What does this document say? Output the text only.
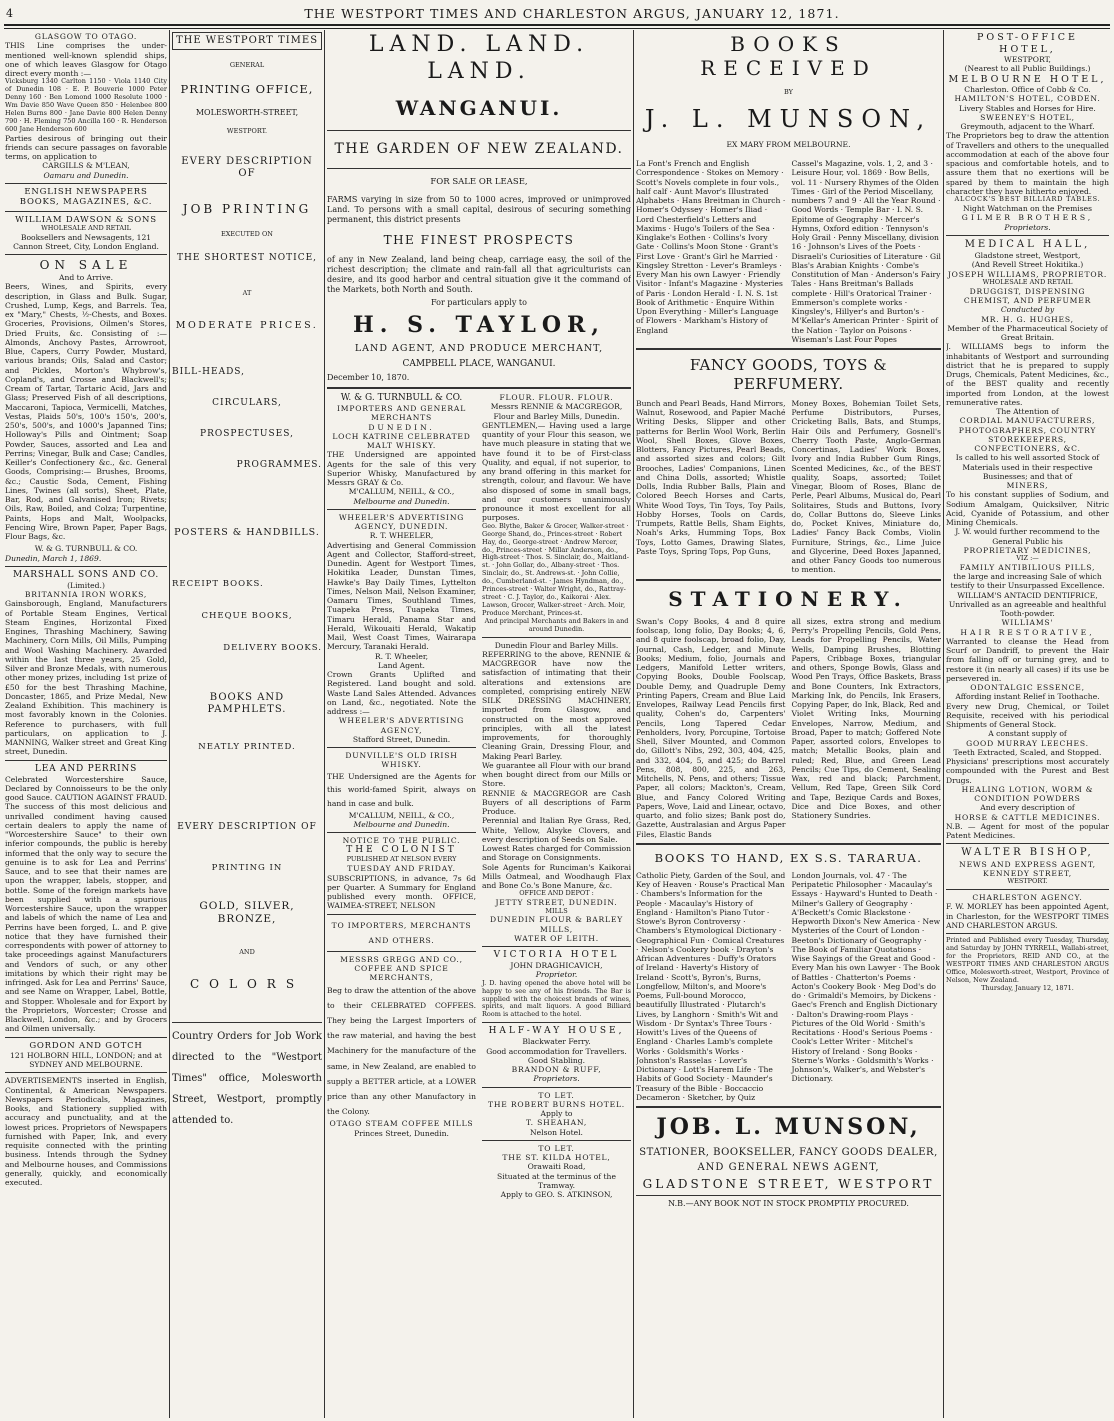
4	THE WESTPORT TIMES AND CHARLESTON ARGUS, JANUARY 12, 1871.
GLASGOW TO OTAGO.
THIS Line comprises the under-mentioned well-known splendid ships, one of which leaves Glasgow for Otago direct every month :—
Vicksburg 1340 Carlton 1150 · Viola 1140 City of Dunedin 108 · E. P. Bouverie 1000 Peter Denny 160 · Ben Lomond 1000 Resolute 1000 · Wm Davie 850 Wave Queen 850 · Helenbee 800 Helen Burns 800 · Jane Davie 800 Helen Denny 790 · H. Fleming 750 Ancilla 160 · R. Henderson 600 Jane Henderson 600
Parties desirous of bringing out their friends can secure passages on favorable terms, on application to
CARGILLS & M'LEAN,
Oamaru and Dunedin.
ENGLISH NEWSPAPERS BOOKS, MAGAZINES, &C.
WILLIAM DAWSON & SONS
WHOLESALE AND RETAIL
Booksellers and Newsagents, 121 Cannon Street, City, London England.
ON SALE
And to Arrive.
Beers, Wines, and Spirits, every description, in Glass and Bulk. Sugar, Crushed, Lump, Kegs, and Barrels. Tea, ex "Mary," Chests, ½-Chests, and Boxes. Groceries, Provisions, Oilmen's Stores, Dried Fruits, &c. Consisting of :— Almonds, Anchovy Pastes, Arrowroot, Blue, Capers, Curry Powder, Mustard, various brands; Oils, Salad and Castor; and Pickles, Morton's Whybrow's, Copland's, and Crosse and Blackwell's; Cream of Tartar, Tartaric Acid, Jars and Glass; Preserved Fish of all descriptions, Maccaroni, Tapioca, Vermicelli, Matches, Vestas, Plaids 50's, 100's 150's, 200's, 250's, 500's, and 1000's Japanned Tins; Holloway's Pills and Ointment; Soap Powder, Sauces, assorted and Lea and Perrins; Vinegar, Bulk and Case; Candles, Keiller's Confectionery &c., &c. General Goods, Comprising:— Brushes, Brooms, &c.; Caustic Soda, Cement, Fishing Lines, Twines (all sorts), Sheet, Plate, Bar, Rod, and Galvanised Iron; Rivets; Oils, Raw, Boiled, and Colza; Turpentine, Paints, Hops and Malt, Woolpacks, Fencing Wire, Brown Paper, Paper Bags, Flour Bags, &c.
W. & G. TURNBULL & CO.
Dunedin, March 1, 1869.
MARSHALL SONS AND CO.
(Limited.)
BRITANNIA IRON WORKS,
Gainsborough, England, Manufacturers of Portable Steam Engines, Vertical Steam Engines, Horizontal Fixed Engines, Thrashing Machinery, Sawing Machinery, Corn Mills, Oil Mills, Pumping and Wool Washing Machinery. Awarded within the last three years, 25 Gold, Silver and Bronze Medals, with numerous other money prizes, including 1st prize of £50 for the best Thrashing Machine, Doncaster, 1865, and Prize Medal, New Zealand Exhibition. This machinery is most favorably known in the Colonies. Reference to purchasers, with full particulars, on application to J. MANNING, Walker street and Great King street, Dunedin.
LEA AND PERRINS
Celebrated Worcestershire Sauce, Declared by Connoisseurs to be the only good Sauce. CAUTION AGAINST FRAUD. The success of this most delicious and unrivalled condiment having caused certain dealers to apply the name of "Worcestershire Sauce" to their own inferior compounds, the public is hereby informed that the only way to secure the genuine is to ask for Lea and Perrins' Sauce, and to see that their names are upon the wrapper, labels, stopper, and bottle. Some of the foreign markets have been supplied with a spurious Worcestershire Sauce, upon the wrapper and labels of which the name of Lea and Perrins have been forged, L. and P. give notice that they have furnished their correspondents with power of attorney to take proceedings against Manufacturers and Vendors of such, or any other imitations by which their right may be infringed. Ask for Lea and Perrins' Sauce, and see Name on Wrapper, Label, Bottle, and Stopper. Wholesale and for Export by the Proprietors, Worcester; Crosse and Blackwell, London, &c.; and by Grocers and Oilmen universally.
GORDON AND GOTCH
121 HOLBORN HILL, LONDON; and at SYDNEY AND MELBOURNE.
ADVERTISEMENTS inserted in English, Continental, & American Newspapers. Newspapers Periodicals, Magazines, Books, and Stationery supplied with accuracy and punctuality, and at the lowest prices. Proprietors of Newspapers furnished with Paper, Ink, and every requisite connected with the printing business. Intends through the Sydney and Melbourne houses, and Commissions generally, quickly, and economically executed.
THE WESTPORT TIMES
GENERAL
PRINTING OFFICE,
MOLESWORTH-STREET,
WESTPORT.
EVERY DESCRIPTION OF
JOB PRINTING
EXECUTED ON
THE SHORTEST NOTICE,
AT
MODERATE PRICES.
BILL-HEADS,
CIRCULARS,
PROSPECTUSES,
PROGRAMMES.
POSTERS & HANDBILLS.
RECEIPT BOOKS.
CHEQUE BOOKS,
DELIVERY BOOKS.
BOOKS AND PAMPHLETS.
NEATLY PRINTED.
EVERY DESCRIPTION OF
PRINTING IN
GOLD, SILVER, BRONZE,
AND
COLORS
Country Orders for Job Work directed to the "Westport Times" office, Molesworth Street, Westport, promptly attended to.
LAND. LAND. LAND.
WANGANUI.
THE GARDEN OF NEW ZEALAND.
FOR SALE OR LEASE,
FARMS varying in size from 50 to 1000 acres, improved or unimproved Land. To persons with a small capital, desirous of securing something permanent, this district presents
THE FINEST PROSPECTS
of any in New Zealand, land being cheap, carriage easy, the soil of the richest description; the climate and rain-fall all that agriculturists can desire, and its good harbor and central situation give it the command of the Markets, both North and South.
For particulars apply to
H. S. TAYLOR,
LAND AGENT, AND PRODUCE MERCHANT,
CAMPBELL PLACE, WANGANUI.
December 10, 1870.
W. & G. TURNBULL & CO.
IMPORTERS AND GENERAL MERCHANTS
DUNEDIN.
LOCH KATRINE CELEBRATED MALT WHISKY.
THE Undersigned are appointed Agents for the sale of this very Superior Whisky, Manufactured by Messrs GRAY & Co.
M'CALLUM, NEILL, & CO.,
Melbourne and Dunedin.
WHEELER'S ADVERTISING AGENCY, DUNEDIN.
R. T. WHEELER,
Advertising and General Commission Agent and Collector, Stafford-street, Dunedin. Agent for Westport Times, Hokitika Leader, Dunstan Times, Hawke's Bay Daily Times, Lyttelton Times, Nelson Mail, Nelson Examiner, Oamaru Times, Southland Times, Tuapeka Press, Tuapeka Times, Timaru Herald, Panama Star and Herald, Wikouaiti Herald, Wakatip Mail, West Coast Times, Wairarapa Mercury, Taranaki Herald.
R. T. Wheeler,
Land Agent.
Crown Grants Uplifted and Registered. Land bought and sold. Waste Land Sales Attended. Advances on Land, &c., negotiated. Note the address :—
WHEELER'S ADVERTISING AGENCY,
Stafford Street, Dunedin.
DUNVILLE'S OLD IRISH WHISKY.
THE Undersigned are the Agents for this world-famed Spirit, always on hand in case and bulk.
M'CALLUM, NEILL, & CO.,
Melbourne and Dunedin.
NOTICE TO THE PUBLIC.
THE COLONIST
PUBLISHED AT NELSON EVERY
TUESDAY AND FRIDAY.
SUBSCRIPTIONS, in advance, 7s 6d per Quarter. A Summary for England published every month. OFFICE, WAIMEA-STREET, NELSON
TO IMPORTERS, MERCHANTS AND OTHERS.
MESSRS GREGG AND CO.,
COFFEE AND SPICE MERCHANTS,
Beg to draw the attention of the above to their CELEBRATED COFFEES. They being the Largest Importers of the raw material, and having the best Machinery for the manufacture of the same, in New Zealand, are enabled to supply a BETTER article, at a LOWER price than any other Manufactory in the Colony.
OTAGO STEAM COFFEE MILLS
Princes Street, Dunedin.
FLOUR. FLOUR. FLOUR.
Messrs RENNIE & MACGREGOR, Flour and Barley Mills, Dunedin.
GENTLEMEN,— Having used a large quantity of your Flour this season, we have much pleasure in stating that we have found it to be of First-class Quality, and equal, if not superior, to any brand offering in this market for strength, colour, and flavour. We have also disposed of some in small bags, and our customers unanimously pronounce it most excellent for all purposes.
Geo. Blythe, Baker & Grocer, Walker-street · George Shand, do., Princes-street · Robert Hay, do., George-street · Andrew Mercer, do., Princes-street · Millar Anderson, do., High-street · Thos. S. Sinclair, do., Maitland-st. · John Gollar, do., Albany-street · Thos. Sinclair, do., St. Andrews-st. · John Collie, do., Cumberland-st. · James Hyndman, do., Princes-street · Walter Wright, do., Rattray-street · C. J. Taylor, do., Kaikorai · Alex. Lawson, Grocer, Walker-street · Arch. Moir, Produce Merchant, Princes-st.
And principal Merchants and Bakers in and around Dunedin.
Dunedin Flour and Barley Mills.
REFERRING to the above, RENNIE & MACGREGOR have now the satisfaction of intimating that their alterations and extensions are completed, comprising entirely NEW SILK DRESSING MACHINERY, imported from Glasgow, and constructed on the most approved principles, with all the latest improvements, for thoroughly Cleaning Grain, Dressing Flour, and Making Pearl Barley.
We guarantee all Flour with our brand when bought direct from our Mills or Store.
RENNIE & MACGREGOR are Cash Buyers of all descriptions of Farm Produce.
Perennial and Italian Rye Grass, Red, White, Yellow, Alsyke Clovers, and every description of Seeds on Sale.
Lowest Rates charged for Commission and Storage on Consignments.
Sole Agents for Runciman's Kaikorai Mills Oatmeal, and Woodhaugh Flax and Bone Co.'s Bone Manure, &c.
OFFICE AND DEPOT :
JETTY STREET, DUNEDIN.
MILLS
DUNEDIN FLOUR & BARLEY MILLS,
WATER OF LEITH.
VICTORIA HOTEL
JOHN DRAGHICAVICH,
Proprietor.
J. D. having opened the above hotel will be happy to see any of his friends. The Bar is supplied with the choicest brands of wines, spirits, and malt liquors. A good Billiard Room is attached to the hotel.
HALF-WAY HOUSE,
Blackwater Ferry.
Good accommodation for Travellers.
Good Stabling.
BRANDON & RUFF,
Proprietors.
TO LET.
THE ROBERT BURNS HOTEL.
Apply to
T. SHEAHAN,
Nelson Hotel.
TO LET.
THE ST. KILDA HOTEL,
Orawaiti Road,
Situated at the terminus of the Tramway.
Apply to GEO. S. ATKINSON,
BOOKS RECEIVED
BY
J. L. MUNSON,
EX MARY FROM MELBOURNE.
La Font's French and English Correspondence · Stokes on Memory · Scott's Novels complete in four vols., half calf · Aunt Mavor's Illustrated Alphabets · Hans Breitman in Church · Homer's Odyssey · Homer's Iliad · Lord Chesterfield's Letters and Maxims · Hugo's Toilers of the Sea · Kinglake's Eothen · Collins's Ivory Gate · Collins's Moon Stone · Grant's First Love · Grant's Girl he Married · Kingsley Stretton · Lever's Bramleys · Every Man his own Lawyer · Friendly Visitor · Infant's Magazine · Mysteries of Paris · London Herald · I. N. S. 1st Book of Arithmetic · Enquire Within Upon Everything · Miller's Language of Flowers · Markham's History of England
Cassel's Magazine, vols. 1, 2, and 3 · Leisure Hour, vol. 1869 · Bow Bells, vol. 11 · Nursery Rhymes of the Olden Times · Girl of the Period Miscellany, numbers 7 and 9 · All the Year Round · Good Words · Temple Bar · I. N. S. Epitome of Geography · Mercer's Hymns, Oxford edition · Tennyson's Holy Grail · Penny Miscellany, division 16 · Johnson's Lives of the Poets · Disraeli's Curiosities of Literature · Gil Blas's Arabian Knights · Combe's Constitution of Man · Anderson's Fairy Tales · Hans Breitman's Ballads complete · Hill's Oratorical Trainer · Emmerson's complete works · Kingsley's, Hillyer's and Burton's · M'Kellar's American Printer · Spirit of the Nation · Taylor on Poisons · Wiseman's Last Four Popes
FANCY GOODS, TOYS & PERFUMERY.
Bunch and Pearl Beads, Hand Mirrors, Walnut, Rosewood, and Papier Maché Writing Desks, Slipper and other patterns for Berlin Wool Work, Berlin Wool, Shell Boxes, Glove Boxes, Blotters, Fancy Pictures, Pearl Beads, and assorted sizes and colors; Gilt Brooches, Ladies' Companions, Linen and China Dolls, assorted; Whistle Dolls, India Rubber Balls, Plain and Colored Beech Horses and Carts, White Wood Toys, Tin Toys, Toy Pails, Hobby Horses, Tools on Cards, Trumpets, Rattle Bells, Sham Eights, Noah's Arks, Humming Tops, Box Toys, Lotto Games, Drawing Slates, Paste Toys, Spring Tops, Pop Guns,
Money Boxes, Bohemian Toilet Sets, Perfume Distributors, Purses, Cricketing Balls, Bats, and Stumps, Hair Oils and Perfumery, Gosnell's Cherry Tooth Paste, Anglo-German Concertinas, Ladies' Work Boxes, Ivory and India Rubber Gum Rings, Scented Medicines, &c., of the BEST quality, Soaps, assorted; Toilet Vinegar, Bloom of Roses, Blanc de Perle, Pearl Albums, Musical do, Pearl Solitaires, Studs and Buttons, Ivory do, Collar Buttons do, Sleeve Links do, Pocket Knives, Miniature do, Ladies' Fancy Back Combs, Violin Furniture, Strings, &c., Lime Juice and Glycerine, Deed Boxes Japanned, and other Fancy Goods too numerous to mention.
STATIONERY.
Swan's Copy Books, 4 and 8 quire foolscap, long folio, Day Books; 4, 6, and 8 quire foolscap, broad folio, Day, Journal, Cash, Ledger, and Minute Books; Medium, folio, Journals and Ledgers, Manifold Letter writers, Copying Books, Double Foolscap, Double Demy, and Quadruple Demy Printing Papers, Cream and Blue Laid Envelopes, Railway Lead Pencils first quality, Cohen's do, Carpenters' Pencils, Long Tapered Cedar Penholders, Ivory, Porcupine, Tortoise Shell, Silver Mounted, and Common do, Gillott's Nibs, 292, 303, 404, 425, and 332, 404, 5, and 425; do Barrel Pens, 808, 800, 225, and 263, Mitchells, N. Pens, and others; Tissue Paper, all colors; Mackton's, Cream, Blue, and Fancy Colored Writing Papers, Wove, Laid and Linear, octavo, quarto, and folio sizes; Bank post do, Gazette, Australasian and Argus Paper Files, Elastic Bands
all sizes, extra strong and medium Perry's Propelling Pencils, Gold Pens, Leads for Propelling Pencils, Water Wells, Damping Brushes, Blotting Papers, Cribbage Boxes, triangular and others, Sponge Bowls, Glass and Wood Pen Trays, Office Baskets, Brass and Bone Counters, Ink Extractors, Marking Ink, do Pencils, Ink Erasers, Copying Paper, do Ink, Black, Red and Violet Writing Inks, Mourning Envelopes, Narrow, Medium, and Broad, Paper to match; Goffered Note Paper, assorted colors, Envelopes to match; Metallic Books, plain and ruled; Red, Blue, and Green Lead Pencils; Cue Tips, do Cement, Sealing Wax, red and black; Parchment, Vellum, Red Tape, Green Silk Cord and Tape, Bezique Cards and Boxes, Dice and Dice Boxes, and other Stationery Sundries.
BOOKS TO HAND, EX S.S. TARARUA.
Catholic Piety, Garden of the Soul, and Key of Heaven · Rouse's Practical Man · Chambers's Information for the People · Macaulay's History of England · Hamilton's Piano Tutor · Stowe's Byron Controversy · Chambers's Etymological Dictionary · Geographical Fun · Comical Creatures · Nelson's Cookery book · Drayton's African Adventures · Duffy's Orators of Ireland · Haverty's History of Ireland · Scott's, Byron's, Burns, Longfellow, Milton's, and Moore's Poems, Full-bound Morocco, beautifully Illustrated · Plutarch's Lives, by Langhorn · Smith's Wit and Wisdom · Dr Syntax's Three Tours · Howitt's Lives of the Queens of England · Charles Lamb's complete Works · Goldsmith's Works · Johnston's Rasselas · Lover's Dictionary · Lott's Harem Life · The Habits of Good Society · Maunder's Treasury of the Bible · Boccaccio Decameron · Sketcher, by Quiz
London Journals, vol. 47 · The Peripatetic Philosopher · Macaulay's Essays · Hayward's Hunted to Death · Milner's Gallery of Geography · A'Beckett's Comic Blackstone · Hepworth Dixon's New America · New Mysteries of the Court of London · Beeton's Dictionary of Geography · The Book of Familiar Quotations · Wise Sayings of the Great and Good · Every Man his own Lawyer · The Book of Battles · Chatterton's Poems · Acton's Cookery Book · Meg Dod's do do · Grimaldi's Memoirs, by Dickens · Gaec's French and English Dictionary · Dalton's Drawing-room Plays · Pictures of the Old World · Smith's Recitations · Hood's Serious Poems · Cook's Letter Writer · Mitchel's History of Ireland · Song Books · Sterne's Works · Goldsmith's Works · Johnson's, Walker's, and Webster's Dictionary.
JOB. L. MUNSON,
STATIONER, BOOKSELLER, FANCY GOODS DEALER,
AND GENERAL NEWS AGENT,
GLADSTONE STREET, WESTPORT
N.B.—ANY BOOK NOT IN STOCK PROMPTLY PROCURED.
POST-OFFICE HOTEL,
WESTPORT,
(Nearest to all Public Buildings.)
MELBOURNE HOTEL,
Charleston. Office of Cobb & Co.
HAMILTON'S HOTEL, COBDEN.
Livery Stables and Horses for Hire.
SWEENEY'S HOTEL,
Greymouth, adjacent to the Wharf.
The Proprietors beg to draw the attention of Travellers and others to the unequalled accommodation at each of the above four spacious and comfortable hotels, and to assure them that no exertions will be spared by them to maintain the high character they have hitherto enjoyed.
ALCOCK'S BEST BILLIARD TABLES.
Night Watchman on the Premises
GILMER BROTHERS,
Proprietors.
MEDICAL HALL,
Gladstone street, Westport,
(And Revell Street Hokitika.)
JOSEPH WILLIAMS, PROPRIETOR.
WHOLESALE AND RETAIL
DRUGGIST, DISPENSING CHEMIST, AND PERFUMER
Conducted by
MR. H. G. HUGHES,
Member of the Pharmaceutical Society of Great Britain.
J. WILLIAMS begs to inform the inhabitants of Westport and surrounding district that he is prepared to supply Drugs, Chemicals, Patent Medicines, &c., of the BEST quality and recently imported from London, at the lowest remunerative rates.
The Attention of
CORDIAL MANUFACTURERS, PHOTOGRAPHERS, COUNTRY STOREKEEPERS, CONFECTIONERS, &C.
Is called to his well assorted Stock of Materials used in their respective Businesses; and that of
MINERS,
To his constant supplies of Sodium, and Sodium Amalgam, Quicksilver, Nitric Acid, Cyanide of Potassium, and other Mining Chemicals.
J. W. would further recommend to the General Public his
PROPRIETARY MEDICINES,
VIZ :—
FAMILY ANTIBILIOUS PILLS,
the large and increasing Sale of which testify to their Unsurpassed Excellence.
WILLIAM'S ANTACID DENTIFRICE, Unrivalled as an agreeable and healthful Tooth-powder.
WILLIAMS'
HAIR RESTORATIVE,
Warranted to cleanse the Head from Scurf or Dandriff, to prevent the Hair from falling off or turning grey, and to restore it (in nearly all cases) if its use be persevered in.
ODONTALGIC ESSENCE,
Affording instant Relief in Toothache.
Every new Drug, Chemical, or Toilet Requisite, received with his periodical Shipments of General Stock.
A constant supply of
GOOD MURRAY LEECHES.
Teeth Extracted, Scaled, and Stopped.
Physicians' prescriptions most accurately compounded with the Purest and Best Drugs.
HEALING LOTION, WORM & CONDITION POWDERS
And every description of
HORSE & CATTLE MEDICINES.
N.B. — Agent for most of the popular Patent Medicines.
WALTER BISHOP,
NEWS AND EXPRESS AGENT,
KENNEDY STREET,
WESTPORT.
CHARLESTON AGENCY.
F. W. MORLEY has been appointed Agent, in Charleston, for the WESTPORT TIMES AND CHARLESTON ARGUS.
Printed and Published every Tuesday, Thursday, and Saturday by JOHN TYRRELL, Wallabi-street, for the Proprietors, REID AND CO., at the WESTPORT TIMES AND CHARLESTON ARGUS Office, Molesworth-street, Westport, Province of Nelson, New Zealand.
Thursday, January 12, 1871.
